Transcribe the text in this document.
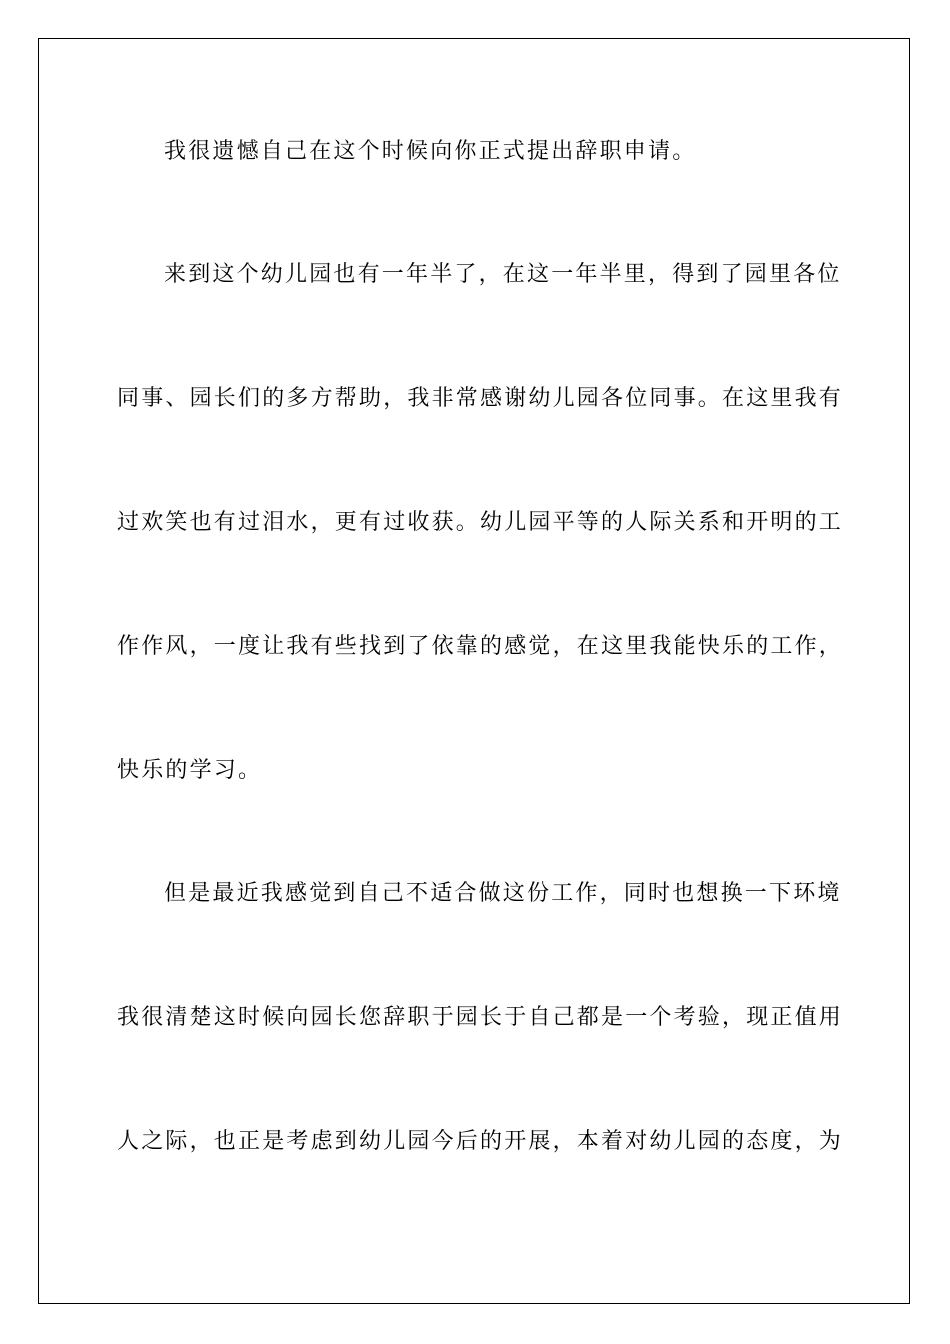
我很遗憾自己在这个时候向你正式提出辞职申请。
来到这个幼儿园也有一年半了，在这一年半里，得到了园里各位
同事、园长们的多方帮助，我非常感谢幼儿园各位同事。在这里我有
过欢笑也有过泪水，更有过收获。幼儿园平等的人际关系和开明的工
作作风，一度让我有些找到了依靠的感觉，在这里我能快乐的工作，
快乐的学习。
但是最近我感觉到自己不适合做这份工作，同时也想换一下环境
我很清楚这时候向园长您辞职于园长于自己都是一个考验，现正值用
人之际，也正是考虑到幼儿园今后的开展，本着对幼儿园的态度，为
